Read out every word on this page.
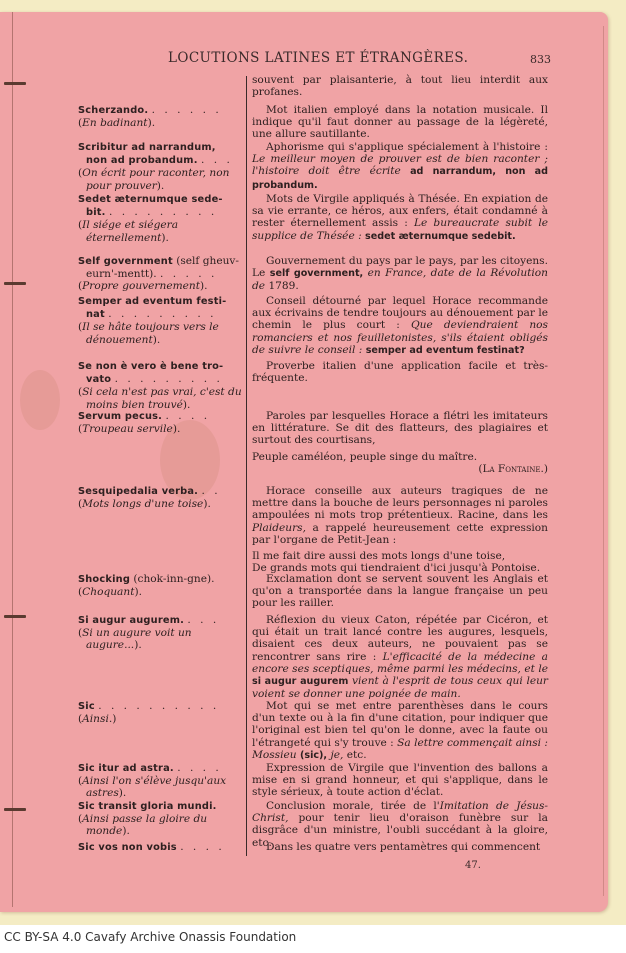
LOCUTIONS LATINES ET ÉTRANGÈRES.	833
souvent par plaisanterie, à tout lieu interdit aux profanes.
Scherzando. . . . . . .
(En badinant).
Mot italien employé dans la notation musicale. Il indique qu'il faut donner au passage de la légèreté, une allure sautillante.
Scribitur ad narrandum,
non ad probandum. . . .
(On écrit pour raconter, non pour prouver).
Aphorisme qui s'applique spécialement à l'histoire : Le meilleur moyen de prouver est de bien raconter ; l'histoire doit être écrite ad narrandum, non ad probandum.
Sedet æternumque sede-
bit. . . . . . . . . .
(Il siége et siégera éternellement).
Mots de Virgile appliqués à Thésée. En expiation de sa vie errante, ce héros, aux enfers, était condamné à rester éternellement assis : Le bureaucrate subit le supplice de Thésée : sedet æternumque sedebit.
Self government (self gheuv-
eurn'-mentt). . . . . .
(Propre gouvernement).
Gouvernement du pays par le pays, par les citoyens. Le self government, en France, date de la Révolution de 1789.
Semper ad eventum festi-
nat . . . . . . . . .
(Il se hâte toujours vers le dénouement).
Conseil détourné par lequel Horace recommande aux écrivains de tendre toujours au dénouement par le chemin le plus court : Que deviendraient nos romanciers et nos feuilletonistes, s'ils étaient obligés de suivre le conseil : semper ad eventum festinat?
Se non è vero è bene tro-
vato . . . . . . . . .
(Si cela n'est pas vrai, c'est du moins bien trouvé).
Proverbe italien d'une application facile et très-fréquente.
Servum pecus. . . . .
(Troupeau servile).
Paroles par lesquelles Horace a flétri les imitateurs en littérature. Se dit des flatteurs, des plagiaires et surtout des courtisans,
Peuple caméléon, peuple singe du maître.
(La Fontaine.)
Sesquipedalia verba. . .
(Mots longs d'une toise).
Horace conseille aux auteurs tragiques de ne mettre dans la bouche de leurs personnages ni paroles ampoulées ni mots trop prétentieux. Racine, dans les Plaideurs, a rappelé heureusement cette expression par l'organe de Petit-Jean :
Il me fait dire aussi des mots longs d'une toise,
De grands mots qui tiendraient d'ici jusqu'à Pontoise.
Shocking (chok-inn-gne).
(Choquant).
Exclamation dont se servent souvent les Anglais et qu'on a transportée dans la langue française un peu pour les railler.
Si augur augurem. . . .
(Si un augure voit un augure...).
Réflexion du vieux Caton, répétée par Cicéron, et qui était un trait lancé contre les augures, lesquels, disaient ces deux auteurs, ne pouvaient pas se rencontrer sans rire : L'efficacité de la médecine a encore ses sceptiques, même parmi les médecins, et le si augur augurem vient à l'esprit de tous ceux qui leur voient se donner une poignée de main.
Sic . . . . . . . . . .
(Ainsi.)
Mot qui se met entre parenthèses dans le cours d'un texte ou à la fin d'une citation, pour indiquer que l'original est bien tel qu'on le donne, avec la faute ou l'étrangeté qui s'y trouve : Sa lettre commençait ainsi : Mossieu (sic), je, etc.
Sic itur ad astra. . . . .
(Ainsi l'on s'élève jusqu'aux astres).
Expression de Virgile que l'invention des ballons a mise en si grand honneur, et qui s'applique, dans le style sérieux, à toute action d'éclat.
Sic transit gloria mundi.
(Ainsi passe la gloire du monde).
Conclusion morale, tirée de l'Imitation de Jésus-Christ, pour tenir lieu d'oraison funèbre sur la disgrâce d'un ministre, l'oubli succédant à la gloire, etc.
Sic vos non vobis . . . .	Dans les quatre vers pentamètres qui commencent
47.
CC BY-SA 4.0 Cavafy Archive Onassis Foundation
